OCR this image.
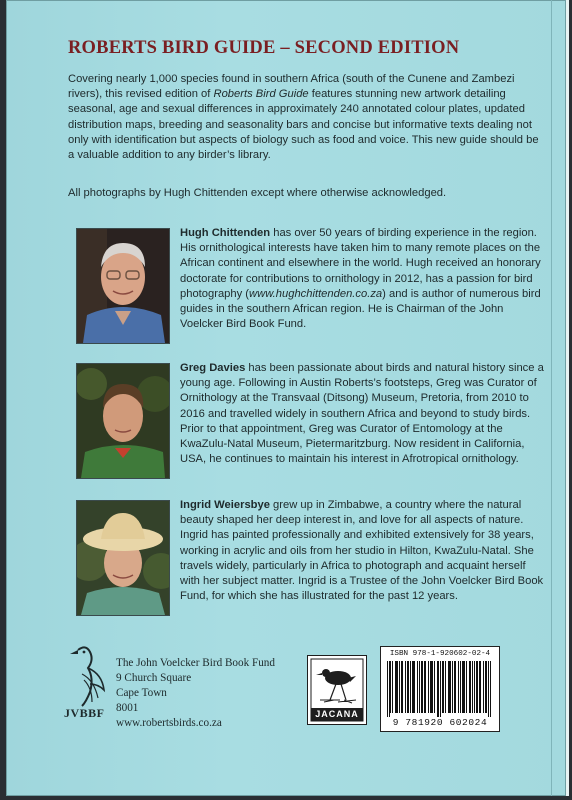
ROBERTS BIRD GUIDE – SECOND EDITION
Covering nearly 1,000 species found in southern Africa (south of the Cunene and Zambezi rivers), this revised edition of Roberts Bird Guide features stunning new artwork detailing seasonal, age and sexual differences in approximately 240 annotated colour plates, updated distribution maps, breeding and seasonality bars and concise but informative texts dealing not only with identification but aspects of biology such as food and voice. This new guide should be a valuable addition to any birder’s library.
All photographs by Hugh Chittenden except where otherwise acknowledged.
Hugh Chittenden has over 50 years of birding experience in the region. His ornithological interests have taken him to many remote places on the African continent and elsewhere in the world. Hugh received an honorary doctorate for contributions to ornithology in 2012, has a passion for bird photography (www.hughchittenden.co.za) and is author of numerous bird guides in the southern African region. He is Chairman of the John Voelcker Bird Book Fund.
Greg Davies has been passionate about birds and natural history since a young age. Following in Austin Roberts’s footsteps, Greg was Curator of Ornithology at the Transvaal (Ditsong) Museum, Pretoria, from 2010 to 2016 and travelled widely in southern Africa and beyond to study birds. Prior to that appointment, Greg was Curator of Entomology at the KwaZulu-Natal Museum, Pietermaritzburg. Now resident in California, USA, he continues to maintain his interest in Afrotropical ornithology.
Ingrid Weiersbye grew up in Zimbabwe, a country where the natural beauty shaped her deep interest in, and love for all aspects of nature. Ingrid has painted professionally and exhibited extensively for 38 years, working in acrylic and oils from her studio in Hilton, KwaZulu-Natal. She travels widely, particularly in Africa to photograph and acquaint herself with her subject matter. Ingrid is a Trustee of the John Voelcker Bird Book Fund, for which she has illustrated for the past 12 years.
JVBBF
The John Voelcker Bird Book Fund
9 Church Square
Cape Town
8001
www.robertsbirds.co.za
JACANA
ISBN 978-1-920602-02-4
9 781920 602024
